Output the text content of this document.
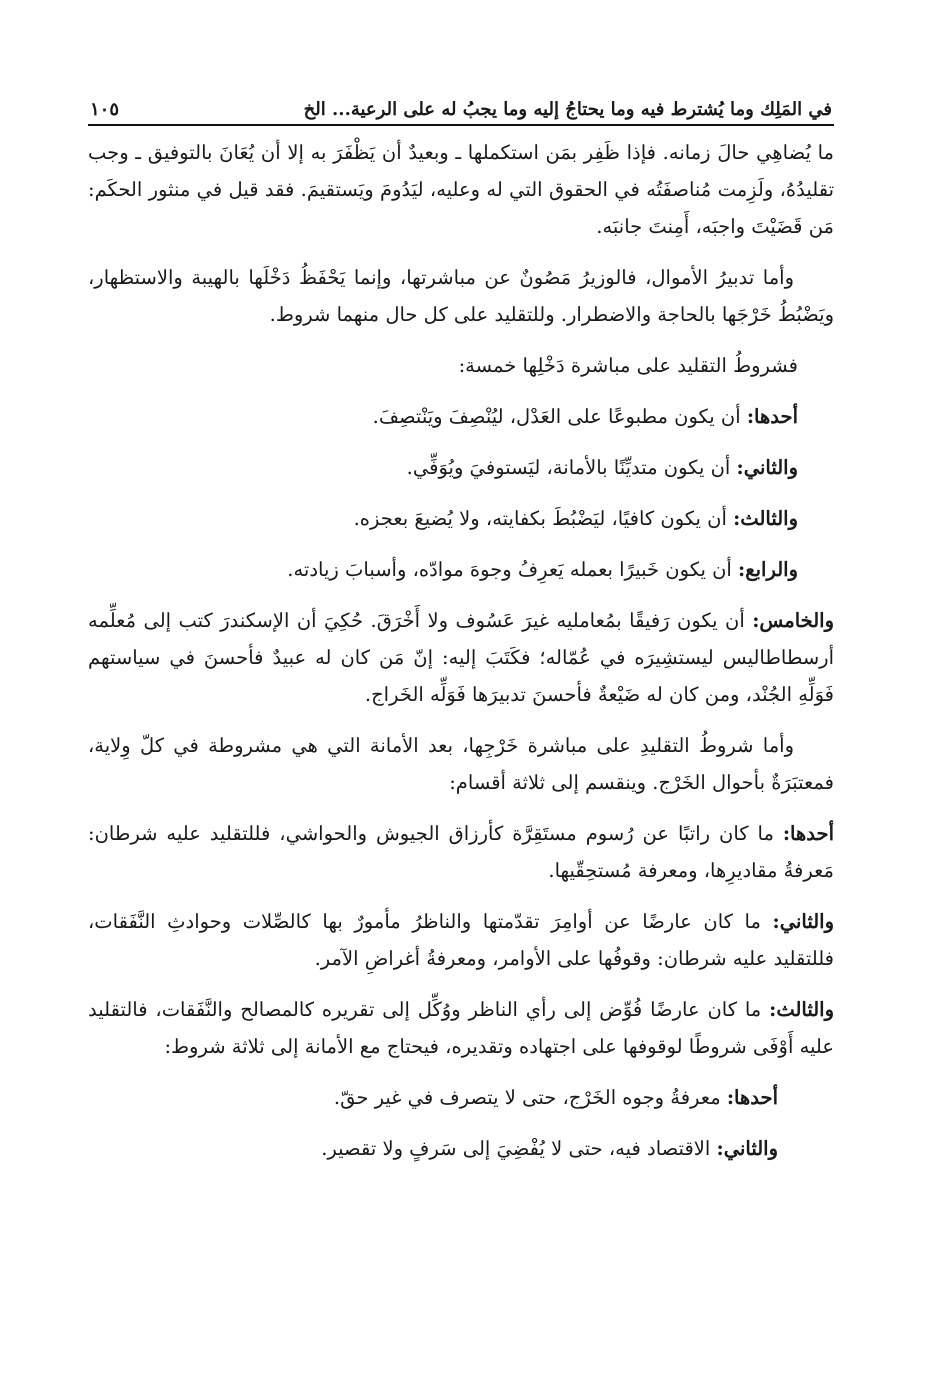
في المَلِك وما يُشترط فيه وما يحتاجُ إليه وما يجبُ له على الرعية... الخ
١٠٥

ما يُضاهِي حالَ زمانه. فإذا ظَفِر بمَن استكملها ـ وبعيدٌ أن يَظْفَرَ به إلا أن يُعَانَ بالتوفيق ـ وجب تقليدُهُ، ولَزِمت مُناصفَتُه في الحقوق التي له وعليه، ليَدُومَ ويَستقيمَ. فقد قيل في منثور الحكَم: مَن قَضَيْتَ واجبَه، أَمِنتَ جانبَه.

وأما تدبيرُ الأموال، فالوزيرُ مَصُونٌ عن مباشرتها، وإنما يَحْفَظُ دَخْلَها بالهيبة والاستظهار، ويَضْبُطُ خَرْجَها بالحاجة والاضطرار. وللتقليد على كل حال منهما شروط.

فشروطُ التقليد على مباشرة دَخْلِها خمسة:

أحدها: أن يكون مطبوعًا على العَدْل، ليُنْصِفَ ويَنْتصِفَ.

والثاني: أن يكون متديِّنًا بالأمانة، ليَستوفيَ ويُوَفِّي.

والثالث: أن يكون كافيًا، ليَضْبُطَ بكفايته، ولا يُضيعَ بعجزه.

والرابع: أن يكون خَبيرًا بعمله يَعرِفُ وجوهَ موادّه، وأسبابَ زيادته.

والخامس: أن يكون رَفيقًا بمُعامليه غيرَ عَسُوف ولا أَخْرَقَ. حُكِيَ أن الإسكندرَ كتب إلى مُعلِّمه أرسطاطاليس ليستشِيرَه في عُمّاله؛ فكَتَبَ إليه: إنّ مَن كان له عبيدٌ فأحسنَ في سياستهم فَوَلِّهِ الجُنْد، ومن كان له ضَيْعةٌ فأحسنَ تدبيرَها فَوَلِّه الخَراج.

وأما شروطُ التقليدِ على مباشرة خَرْجِها، بعد الأمانة التي هي مشروطة في كلّ وِلاية، فمعتبَرَةٌ بأحوال الخَرْج. وينقسم إلى ثلاثة أقسام:

أحدها: ما كان راتبًا عن رُسوم مستَقِرَّة كأرزاق الجيوش والحواشي، فللتقليد عليه شرطان: مَعرفةُ مقاديرِها، ومعرفة مُستحِقّيها.

والثاني: ما كان عارضًا عن أوامِرَ تقدّمتها والناظرُ مأمورٌ بها كالصِّلات وحوادثِ النَّفَقات، فللتقليد عليه شرطان: وقوفُها على الأوامر، ومعرفةُ أغراضِ الآمر.

والثالث: ما كان عارضًا فُوِّض إلى رأي الناظر ووُكِّل إلى تقريره كالمصالح والنَّفَقات، فالتقليد عليه أَوْفَى شروطًا لوقوفها على اجتهاده وتقديره، فيحتاج مع الأمانة إلى ثلاثة شروط:

أحدها: معرفةُ وجوه الخَرْج، حتى لا يتصرف في غير حقّ.

والثاني: الاقتصاد فيه، حتى لا يُفْضِيَ إلى سَرفٍ ولا تقصير.
